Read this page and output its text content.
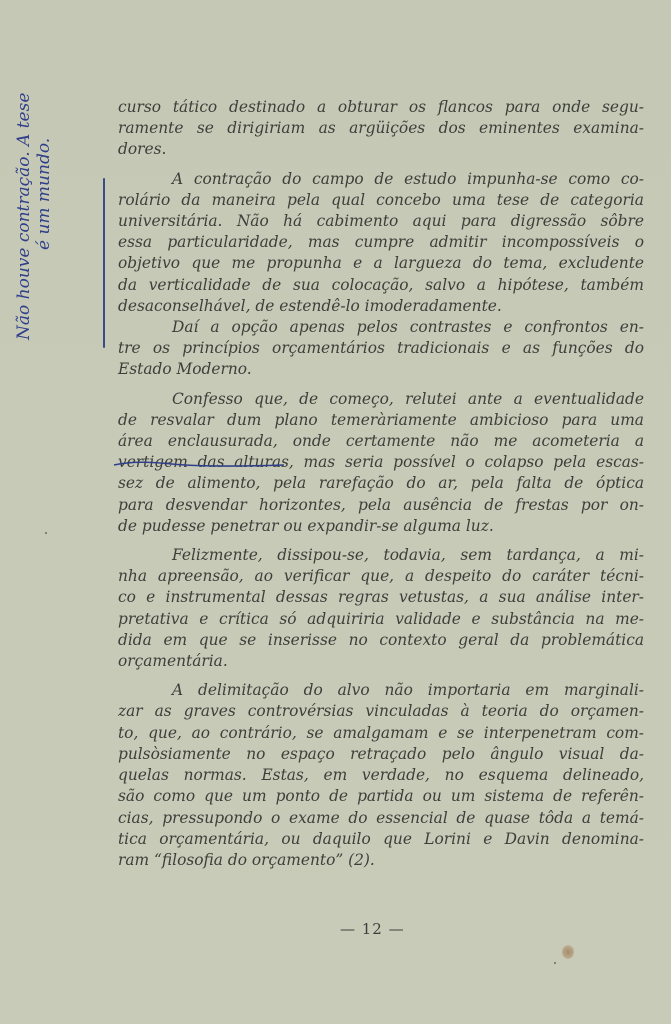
Não houve contração. A tese é um mundo.
curso tático destinado a obturar os flancos para onde segu-
ramente se dirigiriam as argüições dos eminentes examina-
dores.
A contração do campo de estudo impunha-se como co-
rolário da maneira pela qual concebo uma tese de categoria
universitária. Não há cabimento aqui para digressão sôbre
essa particularidade, mas cumpre admitir incompossíveis o
objetivo que me propunha e a largueza do tema, excludente
da verticalidade de sua colocação, salvo a hipótese, também
desaconselhável, de estendê-lo imoderadamente.
Daí a opção apenas pelos contrastes e confrontos en-
tre os princípios orçamentários tradicionais e as funções do
Estado Moderno.
Confesso que, de começo, relutei ante a eventualidade
de resvalar dum plano temeràriamente ambicioso para uma
área enclausurada, onde certamente não me acometeria a
vertigem das alturas, mas seria possível o colapso pela escas-
sez de alimento, pela rarefação do ar, pela falta de óptica
para desvendar horizontes, pela ausência de frestas por on-
de pudesse penetrar ou expandir-se alguma luz.
Felizmente, dissipou-se, todavia, sem tardança, a mi-
nha apreensão, ao verificar que, a despeito do caráter técni-
co e instrumental dessas regras vetustas, a sua análise inter-
pretativa e crítica só adquiriria validade e substância na me-
dida em que se inserisse no contexto geral da problemática
orçamentária.
A delimitação do alvo não importaria em marginali-
zar as graves controvérsias vinculadas à teoria do orçamen-
to, que, ao contrário, se amalgamam e se interpenetram com-
pulsòsiamente no espaço retraçado pelo ângulo visual da-
quelas normas. Estas, em verdade, no esquema delineado,
são como que um ponto de partida ou um sistema de referên-
cias, pressupondo o exame do essencial de quase tôda a temá-
tica orçamentária, ou daquilo que Lorini e Davin denomina-
ram “filosofia do orçamento” (2).
— 12 —
